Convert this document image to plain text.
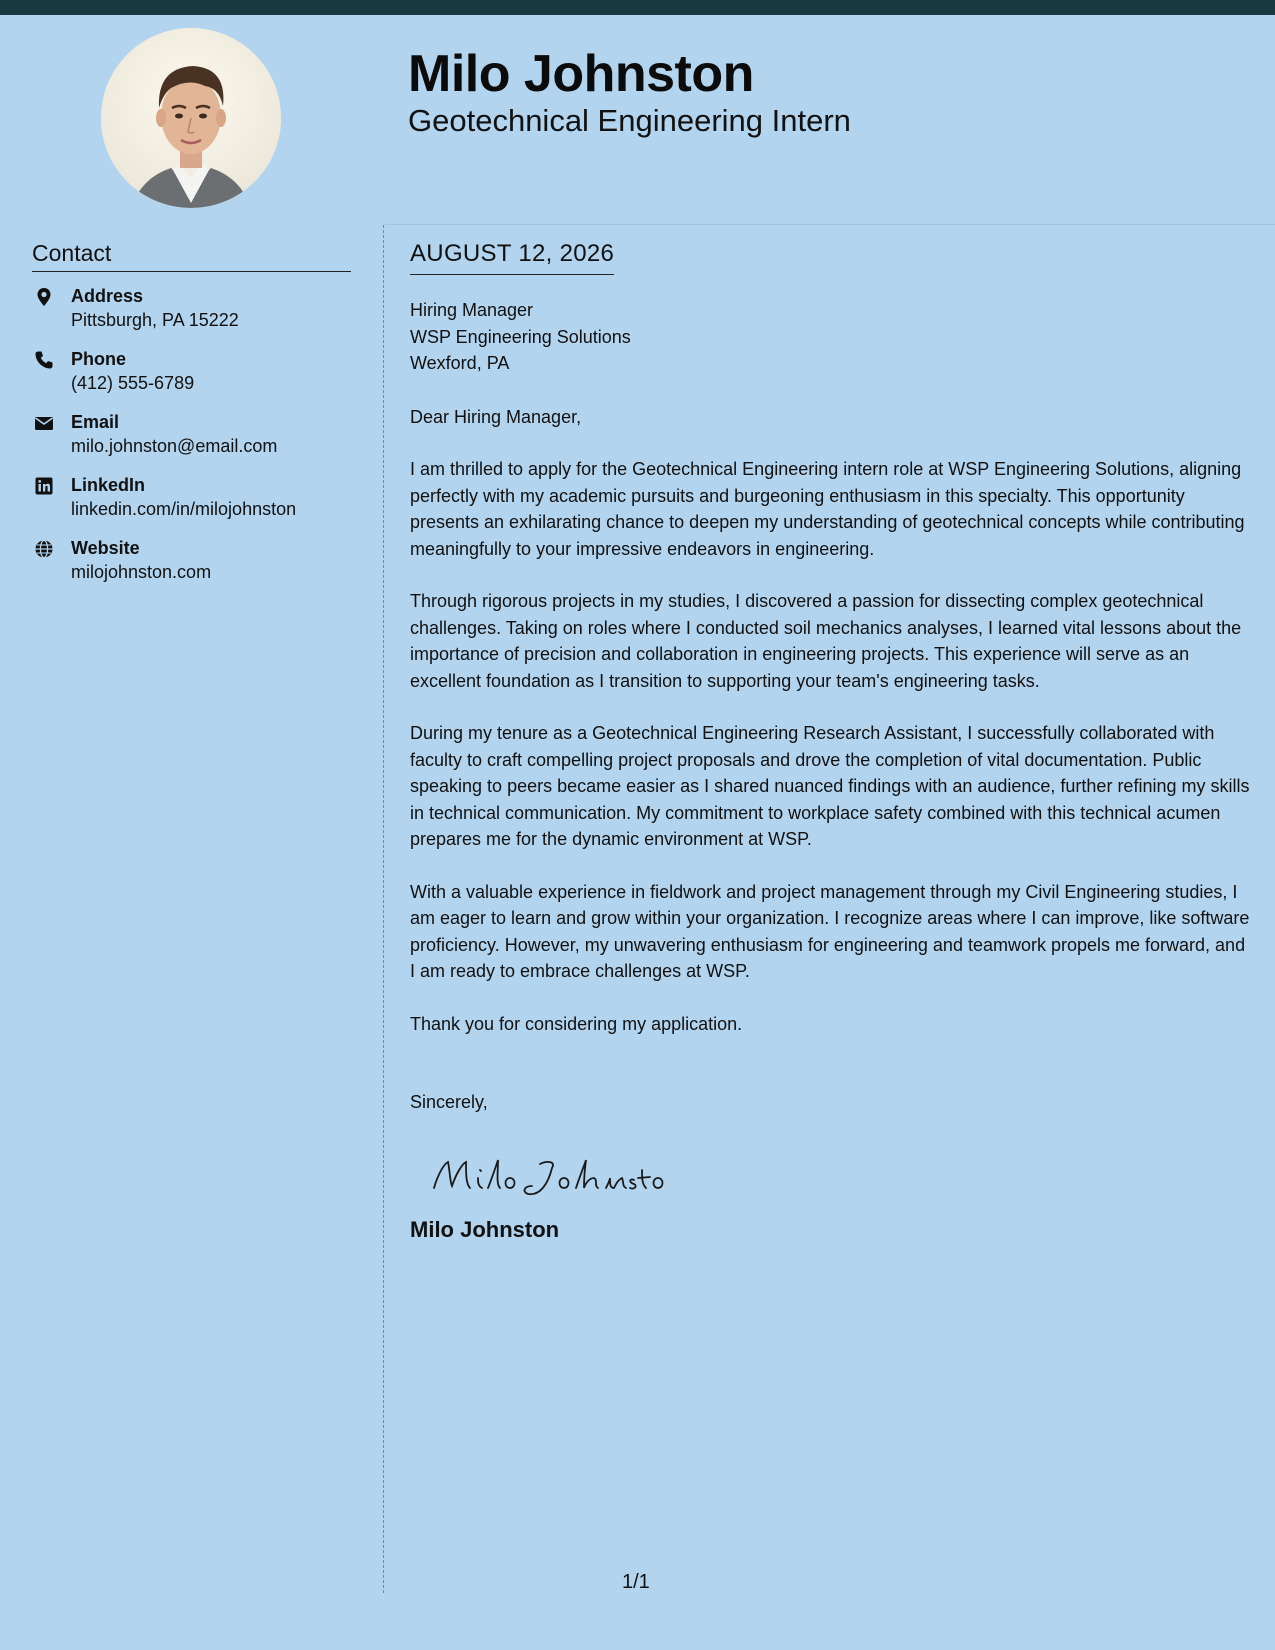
Milo Johnston
Geotechnical Engineering Intern
Contact
Address
Pittsburgh, PA 15222
Phone
(412) 555-6789
Email
milo.johnston@email.com
LinkedIn
linkedin.com/in/milojohnston
Website
milojohnston.com
AUGUST 12, 2026
Hiring Manager
WSP Engineering Solutions
Wexford, PA
Dear Hiring Manager,

I am thrilled to apply for the Geotechnical Engineering intern role at WSP Engineering Solutions, aligning perfectly with my academic pursuits and burgeoning enthusiasm in this specialty. This opportunity presents an exhilarating chance to deepen my understanding of geotechnical concepts while contributing meaningfully to your impressive endeavors in engineering.

Through rigorous projects in my studies, I discovered a passion for dissecting complex geotechnical challenges. Taking on roles where I conducted soil mechanics analyses, I learned vital lessons about the importance of precision and collaboration in engineering projects. This experience will serve as an excellent foundation as I transition to supporting your team's engineering tasks.

During my tenure as a Geotechnical Engineering Research Assistant, I successfully collaborated with faculty to craft compelling project proposals and drove the completion of vital documentation. Public speaking to peers became easier as I shared nuanced findings with an audience, further refining my skills in technical communication. My commitment to workplace safety combined with this technical acumen prepares me for the dynamic environment at WSP.

With a valuable experience in fieldwork and project management through my Civil Engineering studies, I am eager to learn and grow within your organization. I recognize areas where I can improve, like software proficiency. However, my unwavering enthusiasm for engineering and teamwork propels me forward, and I am ready to embrace challenges at WSP.

Thank you for considering my application.

Sincerely,
Milo Johnston
1/1
